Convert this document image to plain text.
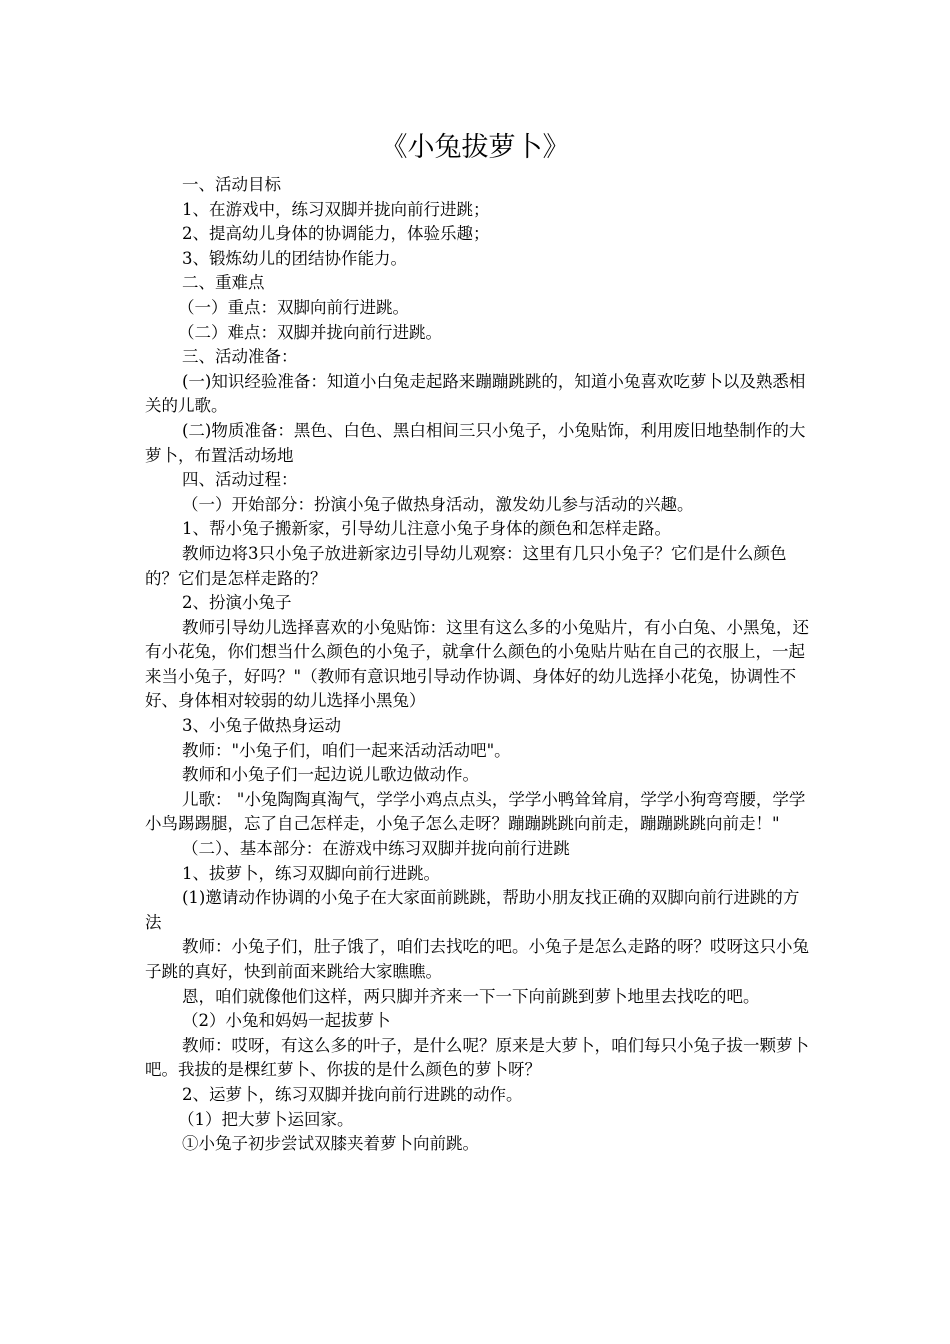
《小兔拔萝卜》

一、活动目标

1、在游戏中，练习双脚并拢向前行进跳；

2、提高幼儿身体的协调能力，体验乐趣；

3、锻炼幼儿的团结协作能力。

二、重难点

（一）重点：双脚向前行进跳。

（二）难点：双脚并拢向前行进跳。

三、活动准备：

(一)知识经验准备：知道小白兔走起路来蹦蹦跳跳的，知道小兔喜欢吃萝卜以及熟悉相关的儿歌。

(二)物质准备：黑色、白色、黑白相间三只小兔子，小兔贴饰，利用废旧地垫制作的大萝卜，布置活动场地

四、活动过程：

（一）开始部分：扮演小兔子做热身活动，激发幼儿参与活动的兴趣。

1、帮小兔子搬新家，引导幼儿注意小兔子身体的颜色和怎样走路。

教师边将3只小兔子放进新家边引导幼儿观察：这里有几只小兔子？它们是什么颜色的？它们是怎样走路的？

2、扮演小兔子

教师引导幼儿选择喜欢的小兔贴饰：这里有这么多的小兔贴片，有小白兔、小黑兔，还有小花兔，你们想当什么颜色的小兔子，就拿什么颜色的小兔贴片贴在自己的衣服上，一起来当小兔子，好吗？"（教师有意识地引导动作协调、身体好的幼儿选择小花兔，协调性不好、身体相对较弱的幼儿选择小黑兔）

3、小兔子做热身运动

教师："小兔子们，咱们一起来活动活动吧"。

教师和小兔子们一起边说儿歌边做动作。

儿歌： "小兔陶陶真淘气，学学小鸡点点头，学学小鸭耸耸肩，学学小狗弯弯腰，学学小鸟踢踢腿，忘了自己怎样走，小兔子怎么走呀？蹦蹦跳跳向前走，蹦蹦跳跳向前走！"

（二）、基本部分：在游戏中练习双脚并拢向前行进跳

1、拔萝卜，练习双脚向前行进跳。

(1)邀请动作协调的小兔子在大家面前跳跳，帮助小朋友找正确的双脚向前行进跳的方法

教师：小兔子们，肚子饿了，咱们去找吃的吧。小兔子是怎么走路的呀？哎呀这只小兔子跳的真好，快到前面来跳给大家瞧瞧。

恩，咱们就像他们这样，两只脚并齐来一下一下向前跳到萝卜地里去找吃的吧。

（2）小兔和妈妈一起拔萝卜

教师：哎呀，有这么多的叶子，是什么呢？原来是大萝卜，咱们每只小兔子拔一颗萝卜吧。我拔的是棵红萝卜、你拔的是什么颜色的萝卜呀？

2、运萝卜，练习双脚并拢向前行进跳的动作。

（1）把大萝卜运回家。

①小兔子初步尝试双膝夹着萝卜向前跳。
